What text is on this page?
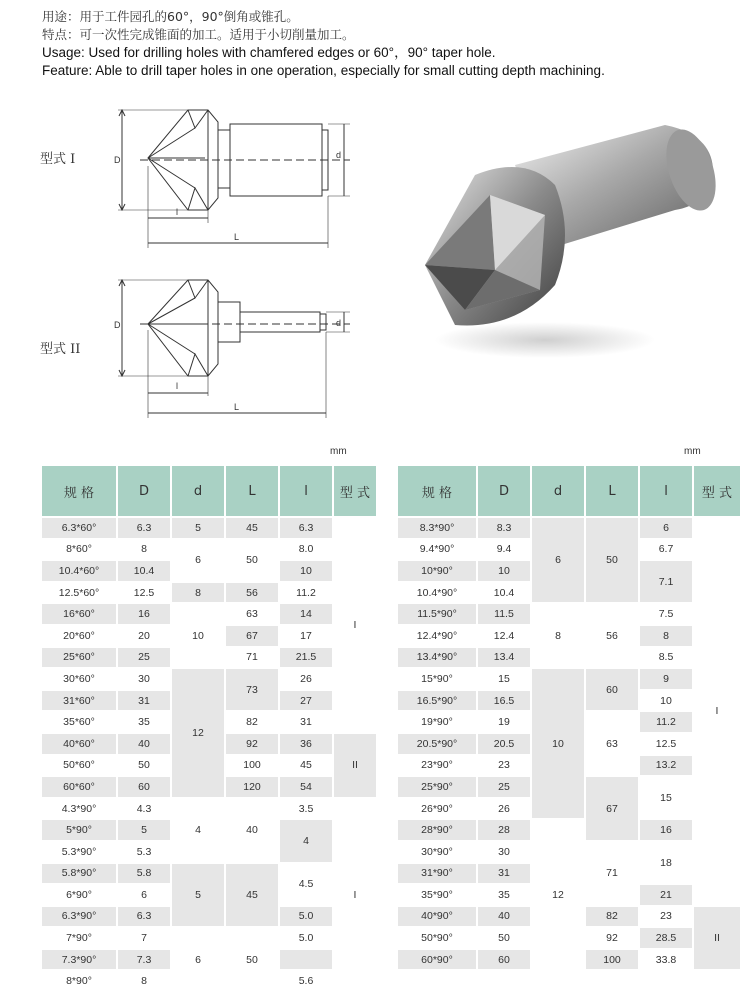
用途：用于工件园孔的60°，90°倒角或锥孔。
特点：可一次性完成锥面的加工。适用于小切削量加工。
Usage: Used for drilling holes with chamfered edges or 60°，90° taper hole.
Feature: Able to drill taper holes in one operation, especially for small cutting depth machining.
型式 I
型式 II
D	d
l
L
D	d
l
L
mm	mm
规 格	D	d	L	l	型 式
6.3*60°	6.3	5	45	6.3	I
8*60°	8	6	50	8.0	
10.4*60°	10.4			10	
12.5*60°	12.5	8	56	11.2	
16*60°	16	10	63	14	
20*60°	20		67	17	
25*60°	25		71	21.5	
30*60°	30	12	73	26	
31*60°	31			27	
35*60°	35		82	31	
40*60°	40		92	36	II
50*60°	50		100	45	
60*60°	60		120	54	
4.3*90°	4.3	4	40	3.5	I
5*90°	5			4	
5.3*90°	5.3				
5.8*90°	5.8	5	45	4.5	
6*90°	6				
6.3*90°	6.3			5.0	
7*90°	7	6	50	5.0	
7.3*90°	7.3				
8*90°	8			5.6	
规 格	D	d	L	l	型 式
8.3*90°	8.3	6	50	6	I
9.4*90°	9.4			6.7	
10*90°	10			7.1	
10.4*90°	10.4				
11.5*90°	11.5	8	56	7.5	
12.4*90°	12.4			8	
13.4*90°	13.4			8.5	
15*90°	15	10	60	9	
16.5*90°	16.5			10	
19*90°	19		63	11.2	
20.5*90°	20.5			12.5	
23*90°	23			13.2	
25*90°	25		67	15	
26*90°	26				
28*90°	28	12		16	
30*90°	30		71	18	
31*90°	31				
35*90°	35			21	
40*90°	40		82	23	II
50*90°	50		92	28.5	
60*90°	60		100	33.8	
